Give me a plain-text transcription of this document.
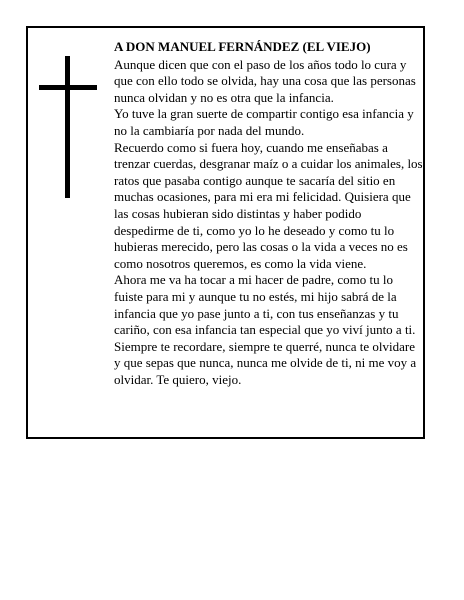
A DON MANUEL FERNÁNDEZ (EL VIEJO)

Aunque dicen que con el paso de los años todo lo cura y que con ello todo se olvida, hay una cosa que las personas nunca olvidan y no es otra que la infancia.

Yo tuve la gran suerte de compartir contigo esa infancia y no la cambiaría por nada del mundo.

Recuerdo como si fuera hoy, cuando me enseñabas a trenzar cuerdas, desgranar maíz o a cuidar los animales, los ratos que pasaba contigo aunque te sacaría del sitio en muchas ocasiones, para mi era mi felicidad. Quisiera que las cosas hubieran sido distintas y haber podido despedirme de ti, como yo lo he deseado y como tu lo hubieras merecido, pero las cosas o la vida a veces no es como nosotros queremos, es como la vida viene.

Ahora me va ha tocar a mi hacer de padre, como tu lo fuiste para mi y aunque tu no estés, mi hijo sabrá de la infancia que yo pase junto a ti, con tus enseñanzas y tu cariño, con esa infancia tan especial que yo viví junto a ti. Siempre te recordare, siempre te querré, nunca te olvidare y que sepas que nunca, nunca me olvide de ti, ni me voy a olvidar. Te quiero, viejo.
